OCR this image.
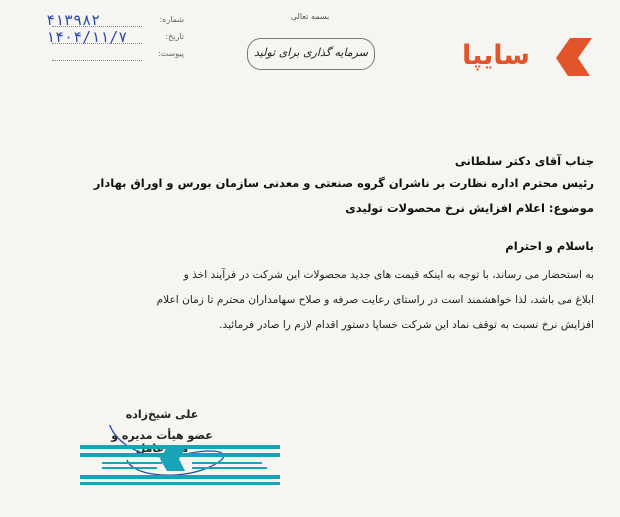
بسمه تعالی
شماره:
۴۱۳۹۸۲
تاریخ:
۱۴۰۴/۱۱/۷
پیوست:	سرمایه گذاری برای تولید	سایپا
جناب آقای دکتر سلطانی
رئیس محترم اداره نظارت بر ناشران گروه صنعتی و معدنی سازمان بورس و اوراق بهادار
موضوع: اعلام افزایش نرخ محصولات تولیدی
باسلام و احترام
به استحضار می رساند، با توجه به اینکه قیمت های جدید محصولات این شرکت در فرآیند اخذ و
ابلاغ می باشد، لذا خواهشمند است در راستای رعایت صرفه و صلاح سهامداران محترم تا زمان اعلام
افزایش نرخ نسبت به توقف نماد این شرکت خساپا دستور اقدام لازم را صادر فرمائید.
علی شیخ‌زاده
عضو هیأت مدیره و
